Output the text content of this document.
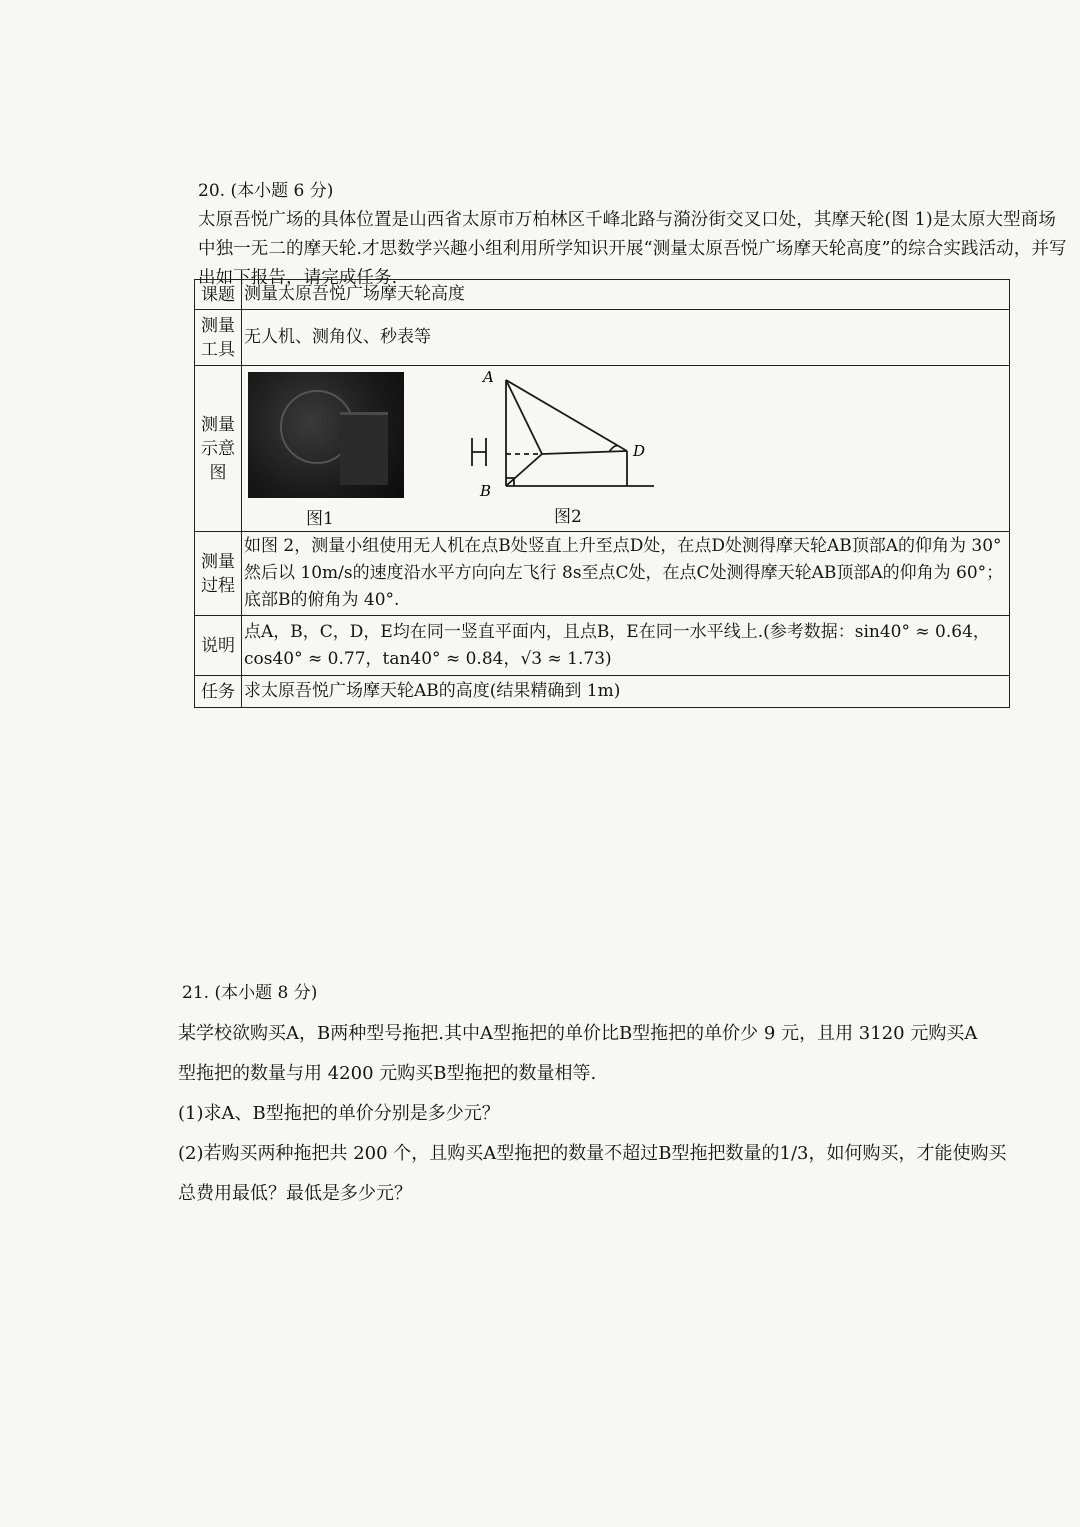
20. (本小题 6 分)
太原吾悦广场的具体位置是山西省太原市万柏林区千峰北路与漪汾街交叉口处，其摩天轮(图 1)是太原大型商场中独一无二的摩天轮.才思数学兴趣小组利用所学知识开展“测量太原吾悦广场摩天轮高度”的综合实践活动，并写出如下报告，请完成任务.
课题	测量太原吾悦广场摩天轮高度
测量工具	无人机、测角仪、秒表等
测量示意图	图1
A
B
D
图2

测量过程	如图 2，测量小组使用无人机在点B处竖直上升至点D处，在点D处测得摩天轮AB顶部A的仰角为 30°然后以 10m/s的速度沿水平方向向左飞行 8s至点C处，在点C处测得摩天轮AB顶部A的仰角为 60°；底部B的俯角为 40°.
说明	点A，B，C，D，E均在同一竖直平面内，且点B，E在同一水平线上.(参考数据：sin40° ≈ 0.64，cos40° ≈ 0.77，tan40° ≈ 0.84，√3 ≈ 1.73)
任务	求太原吾悦广场摩天轮AB的高度(结果精确到 1m)
21. (本小题 8 分)
某学校欲购买A，B两种型号拖把.其中A型拖把的单价比B型拖把的单价少 9 元，且用 3120 元购买A
型拖把的数量与用 4200 元购买B型拖把的数量相等.
(1)求A、B型拖把的单价分别是多少元？
(2)若购买两种拖把共 200 个，且购买A型拖把的数量不超过B型拖把数量的1/3，如何购买，才能使购买
总费用最低？最低是多少元？
